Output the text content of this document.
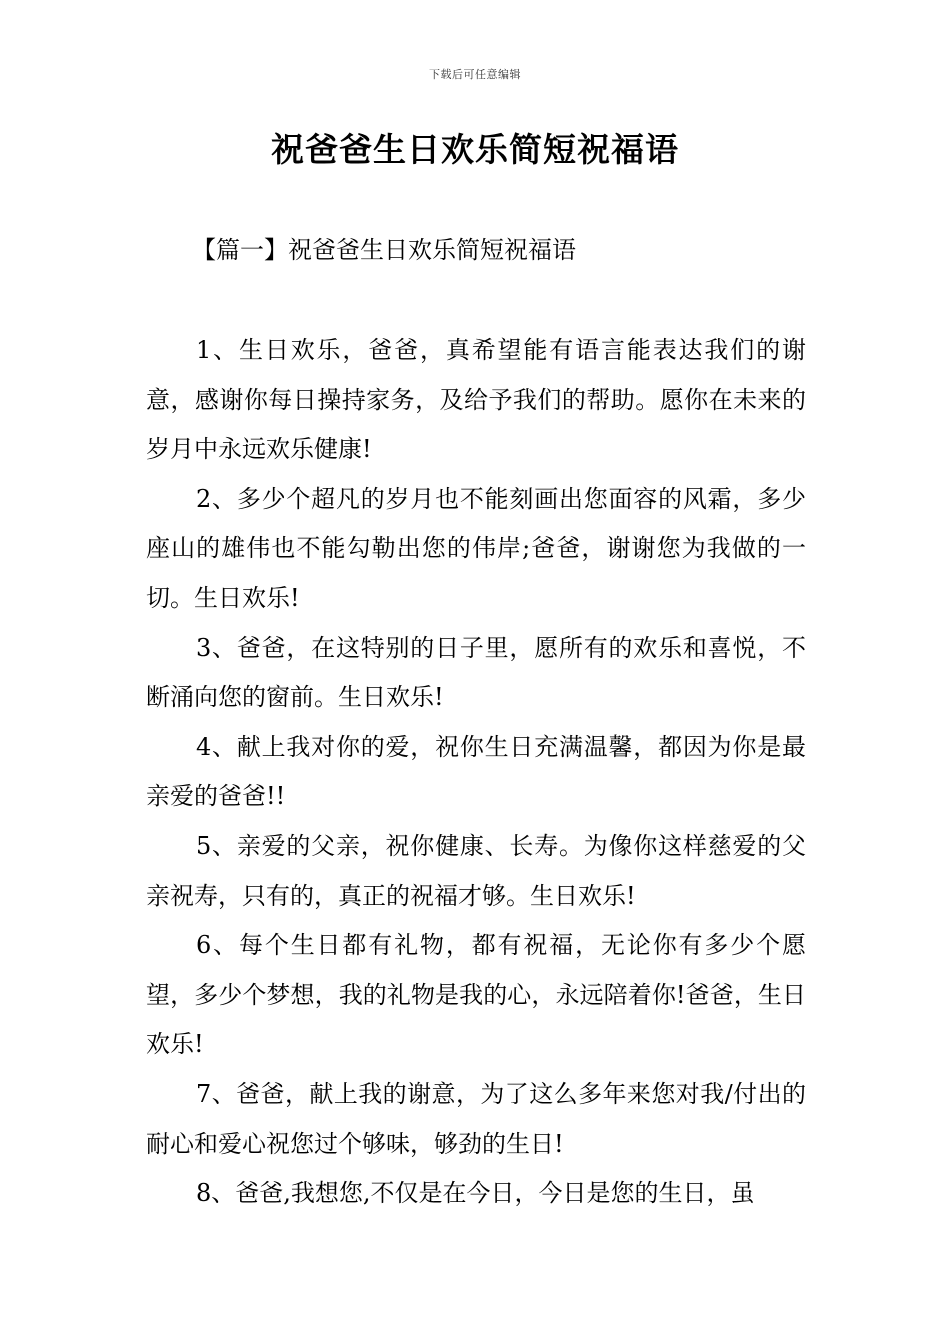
下载后可任意编辑
祝爸爸生日欢乐简短祝福语
【篇一】祝爸爸生日欢乐简短祝福语

1、生日欢乐，爸爸，真希望能有语言能表达我们的谢意，感谢你每日操持家务，及给予我们的帮助。愿你在未来的岁月中永远欢乐健康!

2、多少个超凡的岁月也不能刻画出您面容的风霜，多少座山的雄伟也不能勾勒出您的伟岸;爸爸，谢谢您为我做的一切。生日欢乐!

3、爸爸，在这特别的日子里，愿所有的欢乐和喜悦，不断涌向您的窗前。生日欢乐!

4、献上我对你的爱，祝你生日充满温馨，都因为你是最亲爱的爸爸!!

5、亲爱的父亲，祝你健康、长寿。为像你这样慈爱的父亲祝寿，只有的，真正的祝福才够。生日欢乐!

6、每个生日都有礼物，都有祝福，无论你有多少个愿望，多少个梦想，我的礼物是我的心，永远陪着你!爸爸，生日欢乐!

7、爸爸，献上我的谢意，为了这么多年来您对我/付出的耐心和爱心祝您过个够味，够劲的生日!

8、爸爸,我想您,不仅是在今日，今日是您的生日，虽
